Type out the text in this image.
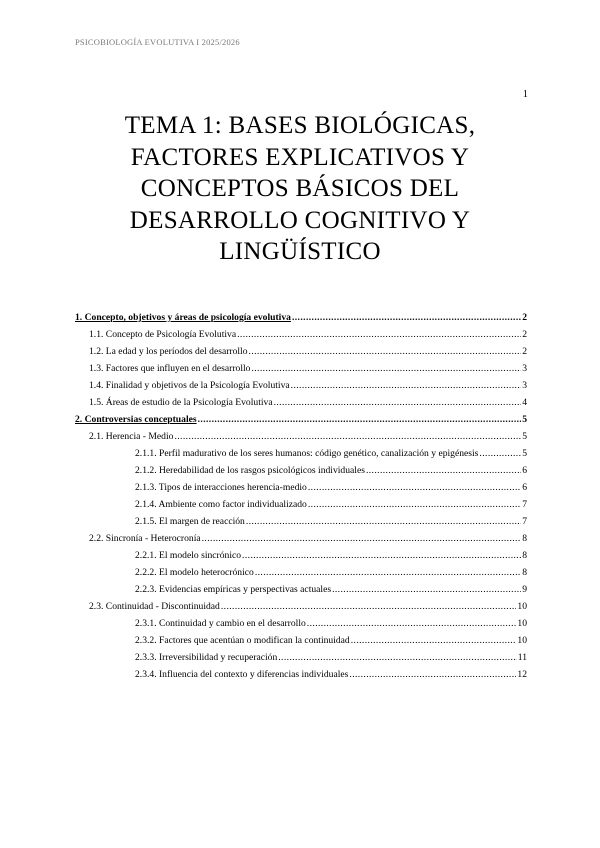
PSICOBIOLOGÍA EVOLUTIVA I 2025/2026
1
TEMA 1: BASES BIOLÓGICAS,
FACTORES EXPLICATIVOS Y
CONCEPTOS BÁSICOS DEL
DESARROLLO COGNITIVO Y
LINGÜÍSTICO
1. Concepto, objetivos y áreas de psicología evolutiva .....	2
1.1. Concepto de Psicología Evolutiva .....	2
1.2. La edad y los períodos del desarrollo .....	2
1.3. Factores que influyen en el desarrollo .....	3
1.4. Finalidad y objetivos de la Psicología Evolutiva .....	3
1.5. Áreas de estudio de la Psicología Evolutiva .....	4
2. Controversias conceptuales .....	5
2.1. Herencia - Medio .....	5
2.1.1. Perfil madurativo de los seres humanos: código genético, canalización y epigénesis .....	5
2.1.2. Heredabilidad de los rasgos psicológicos individuales .....	6
2.1.3. Tipos de interacciones herencia-medio .....	6
2.1.4. Ambiente como factor individualizado .....	7
2.1.5. El margen de reacción .....	7
2.2. Sincronía - Heterocronía .....	8
2.2.1. El modelo sincrónico .....	8
2.2.2. El modelo heterocrónico .....	8
2.2.3. Evidencias empíricas y perspectivas actuales .....	9
2.3. Continuidad - Discontinuidad .....	10
2.3.1. Continuidad y cambio en el desarrollo .....	10
2.3.2. Factores que acentúan o modifican la continuidad .....	10
2.3.3. Irreversibilidad y recuperación .....	11
2.3.4. Influencia del contexto y diferencias individuales .....	12
